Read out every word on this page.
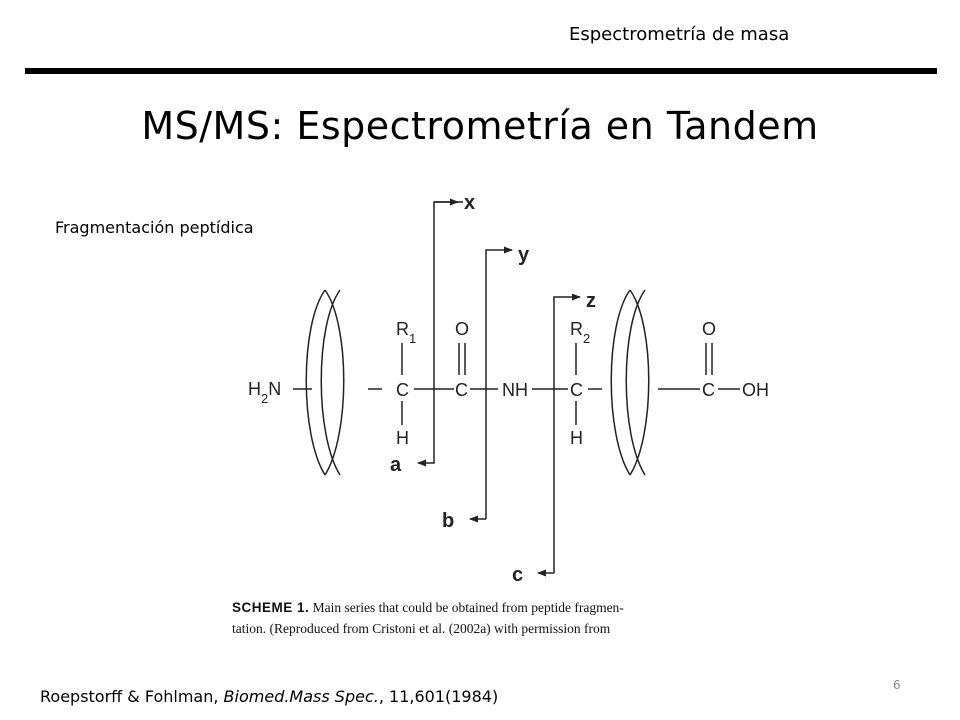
Espectrometría de masa
MS/MS: Espectrometría en Tandem
Fragmentación peptídica
$H_2N$
$R_1$
C
H
O
C NH
$R_2$
C
H
O
C OH
x
a
y
b
z
c
SCHEME 1. Main series that could be obtained from peptide fragmen-
tation. (Reproduced from Cristoni et al. (2002a) with permission from
6
Roepstorff & Fohlman, Biomed.Mass Spec., 11,601(1984)
